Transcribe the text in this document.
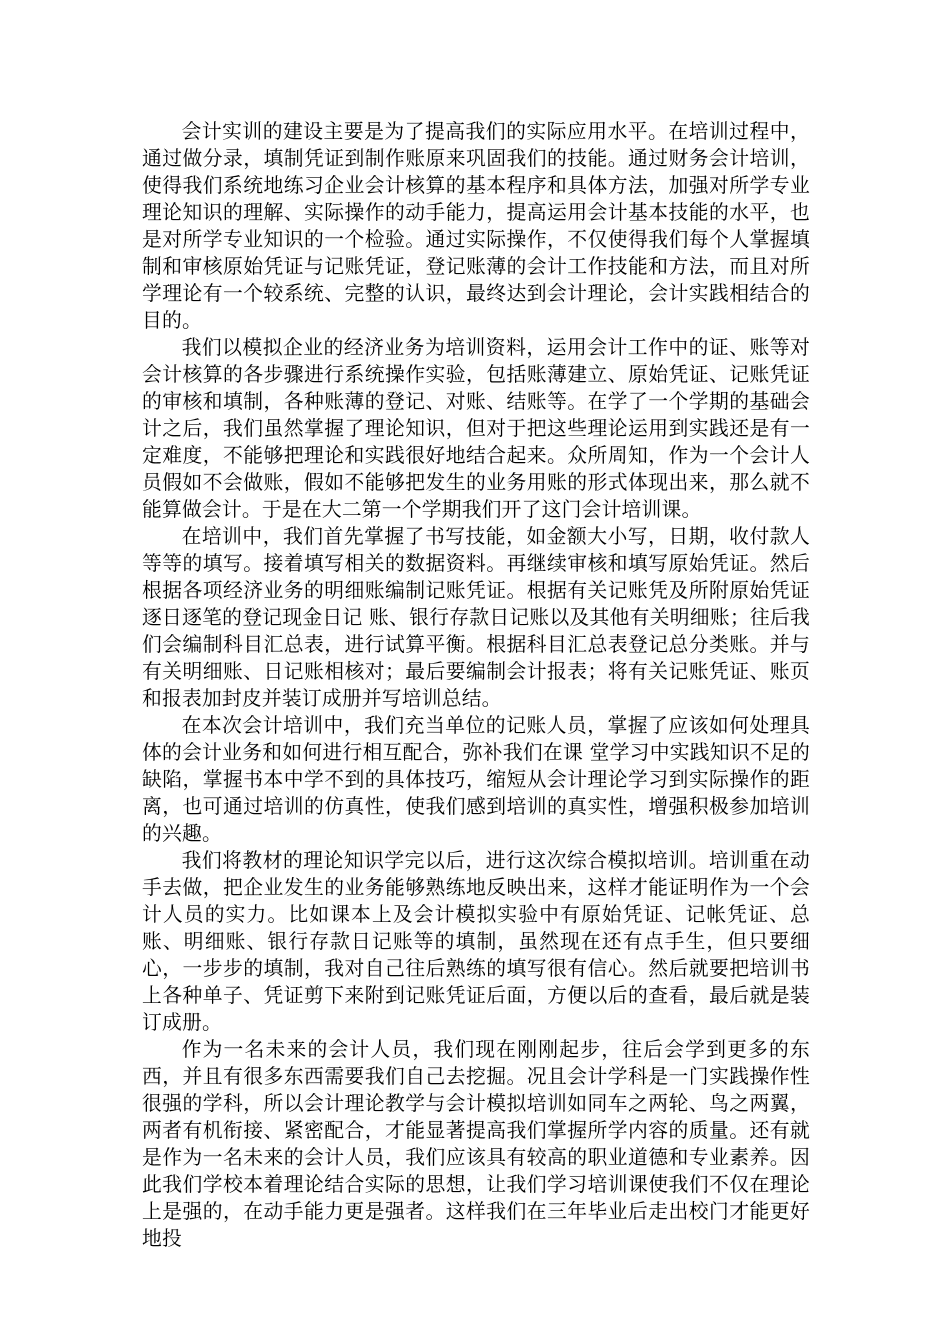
会计实训的建设主要是为了提高我们的实际应用水平。在培训过程中，通过做分录，填制凭证到制作账原来巩固我们的技能。通过财务会计培训，使得我们系统地练习企业会计核算的基本程序和具体方法，加强对所学专业理论知识的理解、实际操作的动手能力，提高运用会计基本技能的水平，也是对所学专业知识的一个检验。通过实际操作，不仅使得我们每个人掌握填制和审核原始凭证与记账凭证，登记账薄的会计工作技能和方法，而且对所学理论有一个较系统、完整的认识，最终达到会计理论，会计实践相结合的目的。

我们以模拟企业的经济业务为培训资料，运用会计工作中的证、账等对会计核算的各步骤进行系统操作实验，包括账薄建立、原始凭证、记账凭证的审核和填制，各种账薄的登记、对账、结账等。在学了一个学期的基础会计之后，我们虽然掌握了理论知识，但对于把这些理论运用到实践还是有一定难度，不能够把理论和实践很好地结合起来。众所周知，作为一个会计人员假如不会做账，假如不能够把发生的业务用账的形式体现出来，那么就不能算做会计。于是在大二第一个学期我们开了这门会计培训课。

在培训中，我们首先掌握了书写技能，如金额大小写，日期，收付款人等等的填写。接着填写相关的数据资料。再继续审核和填写原始凭证。然后根据各项经济业务的明细账编制记账凭证。根据有关记账凭及所附原始凭证逐日逐笔的登记现金日记 账、银行存款日记账以及其他有关明细账；往后我们会编制科目汇总表，进行试算平衡。根据科目汇总表登记总分类账。并与有关明细账、日记账相核对；最后要编制会计报表；将有关记账凭证、账页和报表加封皮并装订成册并写培训总结。

在本次会计培训中，我们充当单位的记账人员，掌握了应该如何处理具体的会计业务和如何进行相互配合，弥补我们在课 堂学习中实践知识不足的缺陷，掌握书本中学不到的具体技巧，缩短从会计理论学习到实际操作的距离，也可通过培训的仿真性，使我们感到培训的真实性，增强积极参加培训的兴趣。

我们将教材的理论知识学完以后，进行这次综合模拟培训。培训重在动手去做，把企业发生的业务能够熟练地反映出来，这样才能证明作为一个会计人员的实力。比如课本上及会计模拟实验中有原始凭证、记帐凭证、总账、明细账、银行存款日记账等的填制，虽然现在还有点手生，但只要细心，一步步的填制，我对自己往后熟练的填写很有信心。然后就要把培训书上各种单子、凭证剪下来附到记账凭证后面，方便以后的查看，最后就是装订成册。

作为一名未来的会计人员，我们现在刚刚起步，往后会学到更多的东西，并且有很多东西需要我们自己去挖掘。况且会计学科是一门实践操作性很强的学科，所以会计理论教学与会计模拟培训如同车之两轮、鸟之两翼，两者有机衔接、紧密配合，才能显著提高我们掌握所学内容的质量。还有就是作为一名未来的会计人员，我们应该具有较高的职业道德和专业素养。因此我们学校本着理论结合实际的思想，让我们学习培训课使我们不仅在理论上是强的，在动手能力更是强者。这样我们在三年毕业后走出校门才能更好地投
